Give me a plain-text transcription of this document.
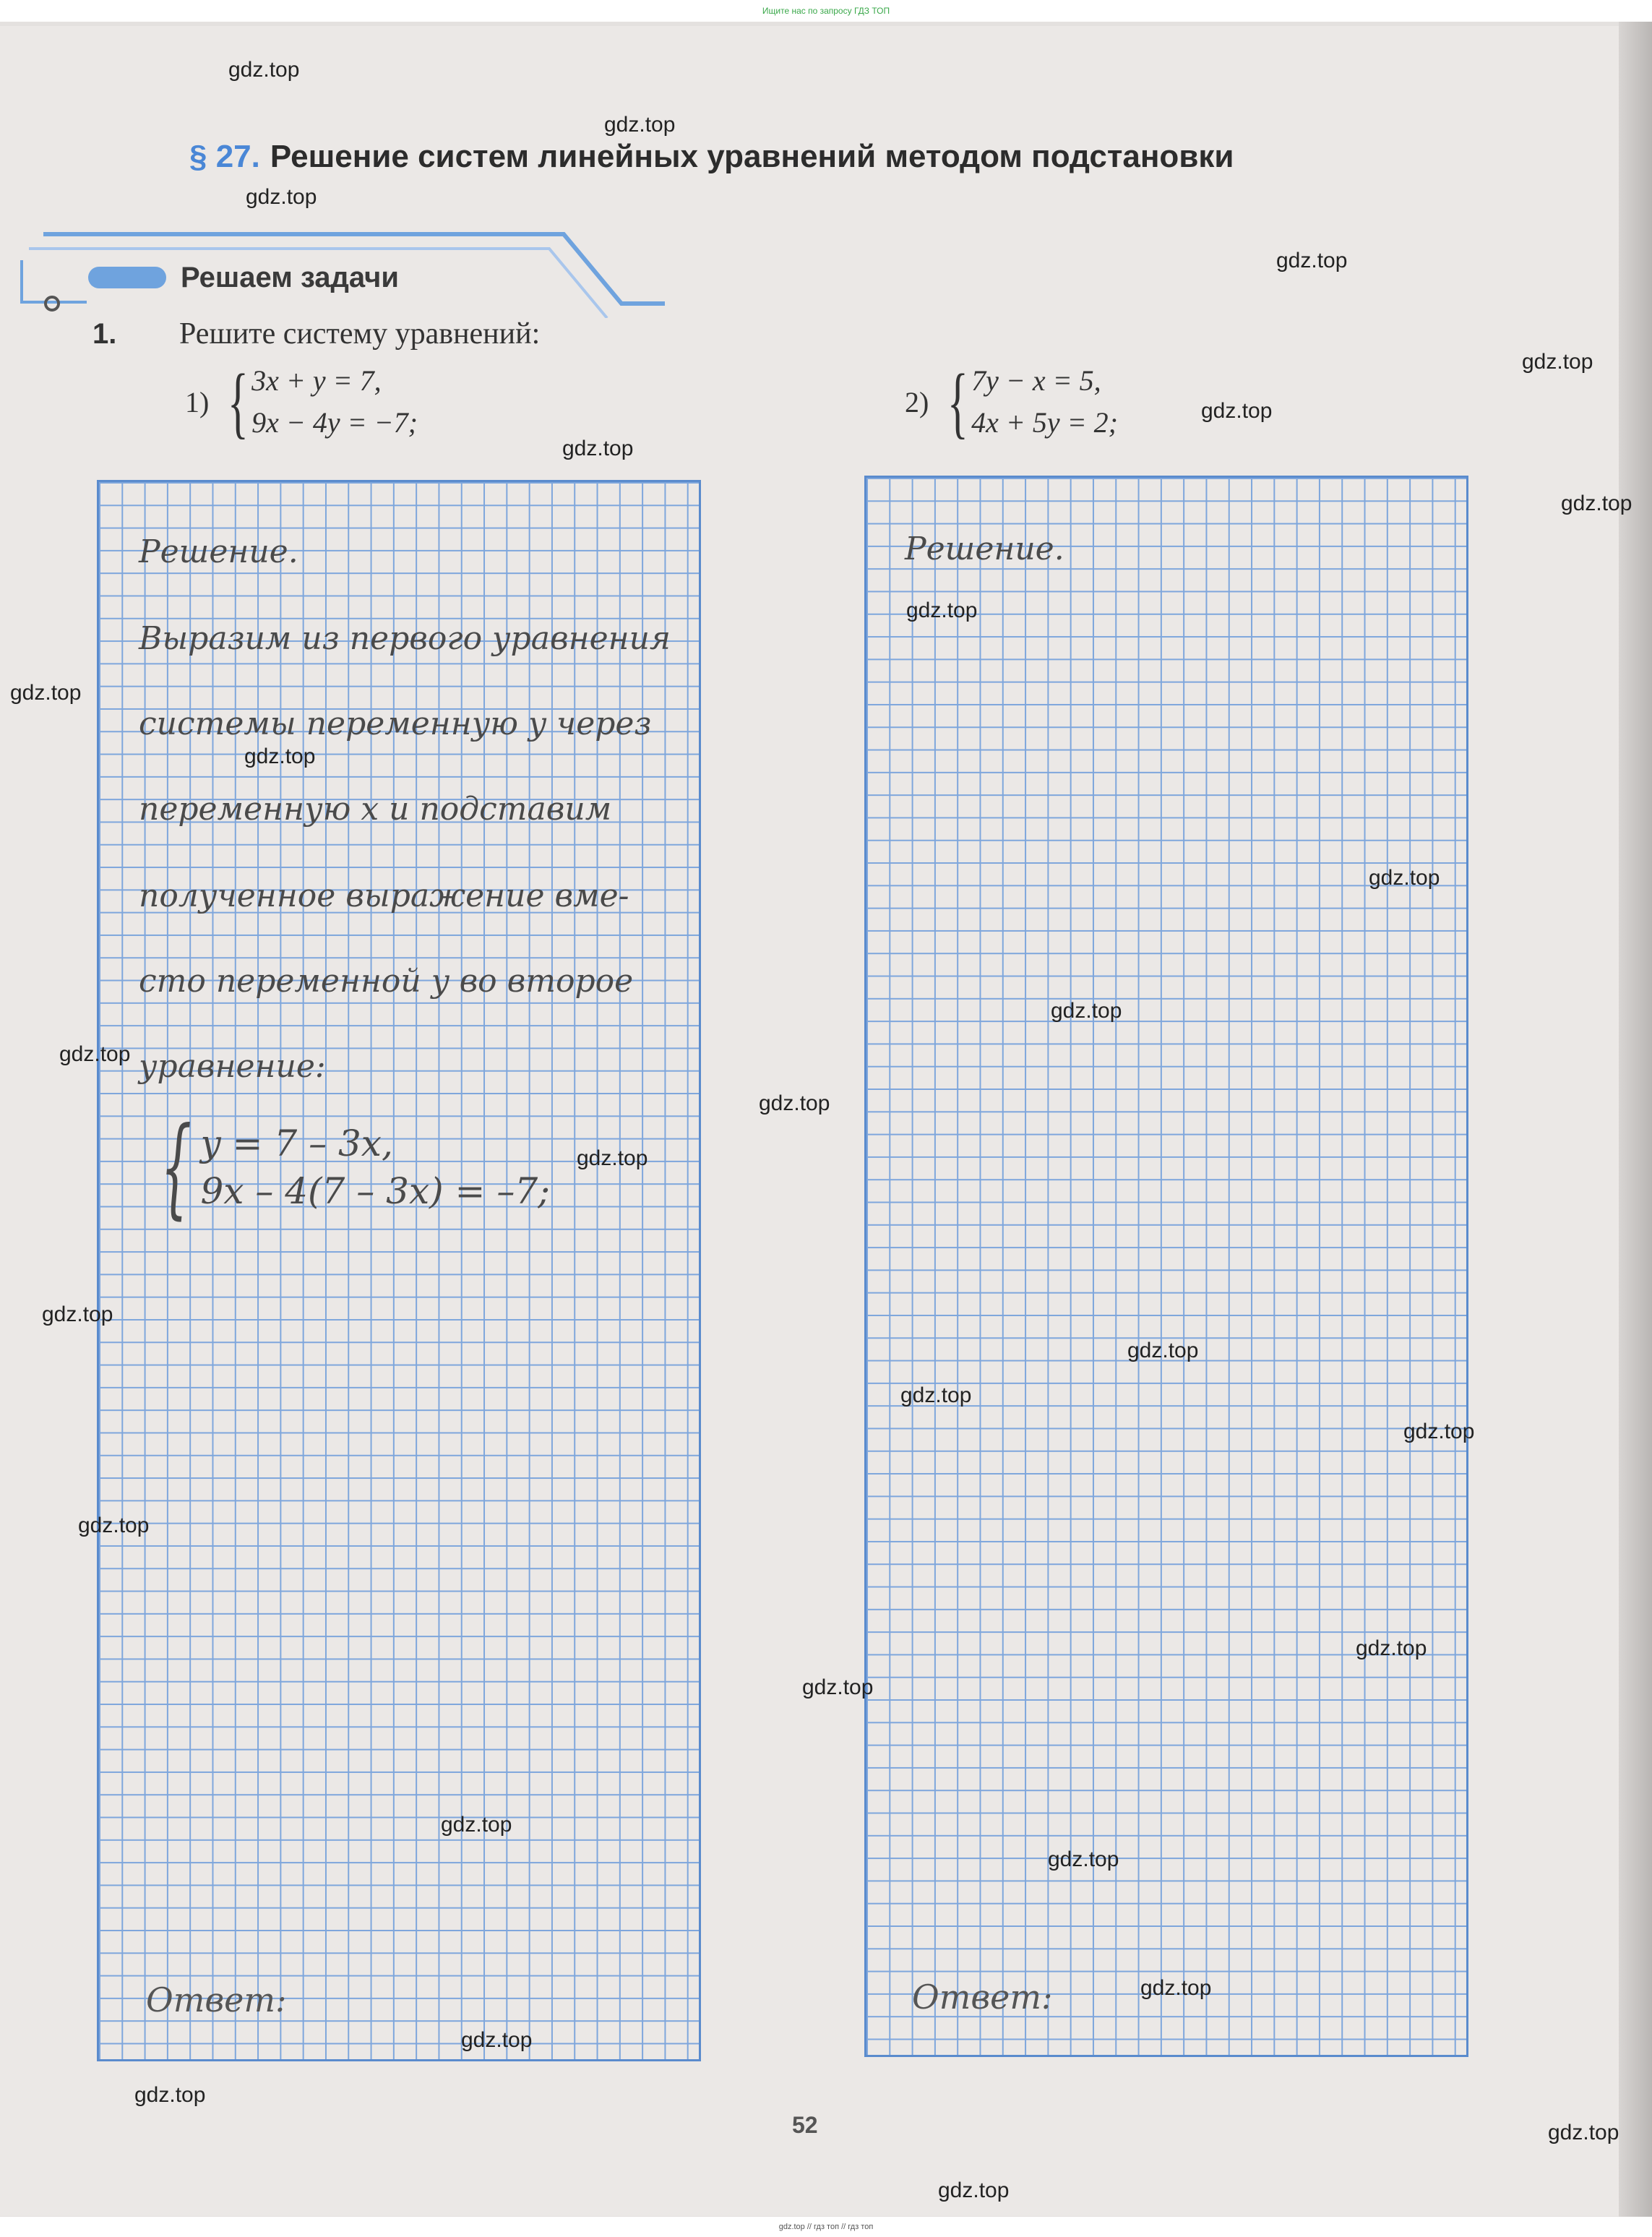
Ищите нас по запросу ГДЗ ТОП
§ 27. Решение систем линейных уравнений методом подстановки
Решаем задачи
1. Решите систему уравнений:
1) { 3x + y = 7,
9x − 4y = −7;
2) { 7y − x = 5,
4x + 5y = 2;
Решение.
Выразим из первого уравнения
системы переменную y через
переменную x и подставим
полученное выражение вме-
сто переменной y во второе
уравнение:
{ y = 7 – 3x,
9x – 4(7 – 3x) = –7;
Решение.
Ответ:	Ответ:
52
gdz.top
gdz.top
gdz.top
gdz.top
gdz.top
gdz.top
gdz.top
gdz.top
gdz.top
gdz.top
gdz.top
gdz.top
gdz.top
gdz.top
gdz.top
gdz.top
gdz.top
gdz.top
gdz.top
gdz.top
gdz.top
gdz.top
gdz.top
gdz.top
gdz.top
gdz.top
gdz.top
gdz.top
gdz.top
gdz.top
gdz.top // гдз топ // гдз топ
